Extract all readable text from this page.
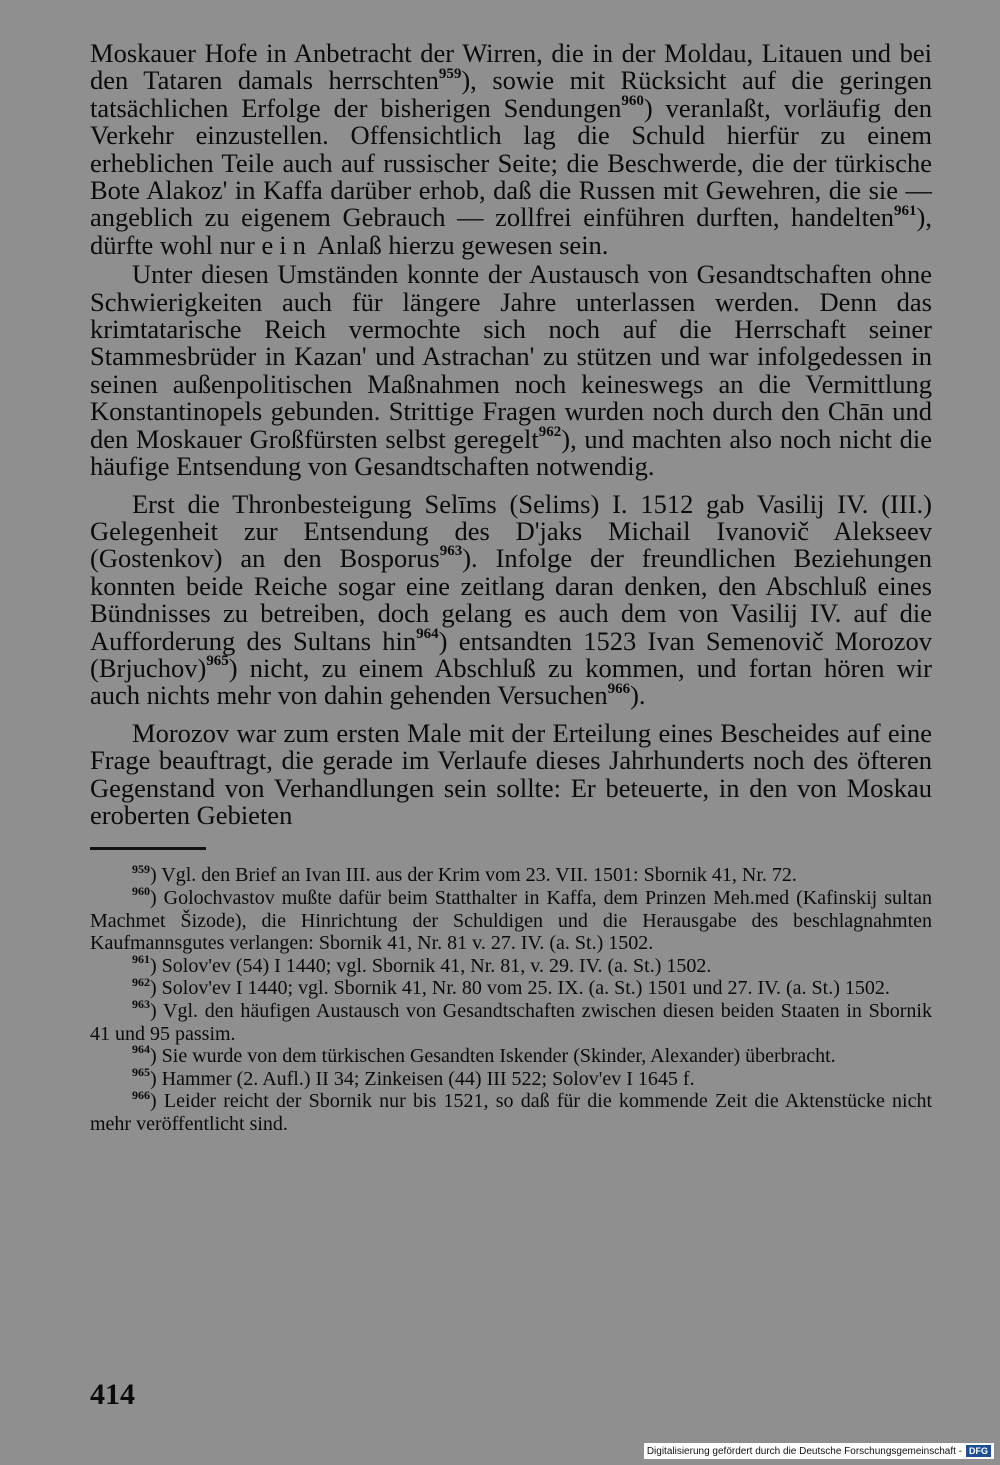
Moskauer Hofe in Anbetracht der Wirren, die in der Moldau, Litauen und bei den Tataren damals herrschten$^{959}$), sowie mit Rücksicht auf die geringen tatsächlichen Erfolge der bisherigen Sendungen$^{960}$) veranlaßt, vorläufig den Verkehr einzustellen. Offensichtlich lag die Schuld hierfür zu einem erheblichen Teile auch auf russischer Seite; die Beschwerde, die der türkische Bote Alakoz' in Kaffa darüber erhob, daß die Russen mit Gewehren, die sie — angeblich zu eigenem Gebrauch — zollfrei einführen durften, handelten$^{961}$), dürfte wohl nur ein Anlaß hierzu gewesen sein.

Unter diesen Umständen konnte der Austausch von Gesandtschaften ohne Schwierigkeiten auch für längere Jahre unterlassen werden. Denn das krimtatarische Reich vermochte sich noch auf die Herrschaft seiner Stammesbrüder in Kazan' und Astrachan' zu stützen und war infolgedessen in seinen außenpolitischen Maßnahmen noch keineswegs an die Vermittlung Konstantinopels gebunden. Strittige Fragen wurden noch durch den Chān und den Moskauer Großfürsten selbst geregelt$^{962}$), und machten also noch nicht die häufige Entsendung von Gesandtschaften notwendig.

Erst die Thronbesteigung Selīms (Selims) I. 1512 gab Vasilij IV. (III.) Gelegenheit zur Entsendung des D'jaks Michail Ivanovič Alekseev (Gostenkov) an den Bosporus$^{963}$). Infolge der freundlichen Beziehungen konnten beide Reiche sogar eine zeitlang daran denken, den Abschluß eines Bündnisses zu betreiben, doch gelang es auch dem von Vasilij IV. auf die Aufforderung des Sultans hin$^{964}$) entsandten 1523 Ivan Semenovič Morozov (Brjuchov)$^{965}$) nicht, zu einem Abschluß zu kommen, und fortan hören wir auch nichts mehr von dahin gehenden Versuchen$^{966}$).

Morozov war zum ersten Male mit der Erteilung eines Bescheides auf eine Frage beauftragt, die gerade im Verlaufe dieses Jahrhunderts noch des öfteren Gegenstand von Verhandlungen sein sollte: Er beteuerte, in den von Moskau eroberten Gebieten

$^{959}$) Vgl. den Brief an Ivan III. aus der Krim vom 23. VII. 1501: Sbornik 41, Nr. 72.

$^{960}$) Golochvastov mußte dafür beim Statthalter in Kaffa, dem Prinzen Meh.med (Kafinskij sultan Machmet Šizode), die Hinrichtung der Schuldigen und die Herausgabe des beschlagnahmten Kaufmannsgutes verlangen: Sbornik 41, Nr. 81 v. 27. IV. (a. St.) 1502.

$^{961}$) Solov'ev (54) I 1440; vgl. Sbornik 41, Nr. 81, v. 29. IV. (a. St.) 1502.

$^{962}$) Solov'ev I 1440; vgl. Sbornik 41, Nr. 80 vom 25. IX. (a. St.) 1501 und 27. IV. (a. St.) 1502.

$^{963}$) Vgl. den häufigen Austausch von Gesandtschaften zwischen diesen beiden Staaten in Sbornik 41 und 95 passim.

$^{964}$) Sie wurde von dem türkischen Gesandten Iskender (Skinder, Alexander) überbracht.

$^{965}$) Hammer (2. Aufl.) II 34; Zinkeisen (44) III 522; Solov'ev I 1645 f.

$^{966}$) Leider reicht der Sbornik nur bis 1521, so daß für die kommende Zeit die Aktenstücke nicht mehr veröffentlicht sind.

414
Digitalisierung gefördert durch die Deutsche Forschungsgemeinschaft - DFG
